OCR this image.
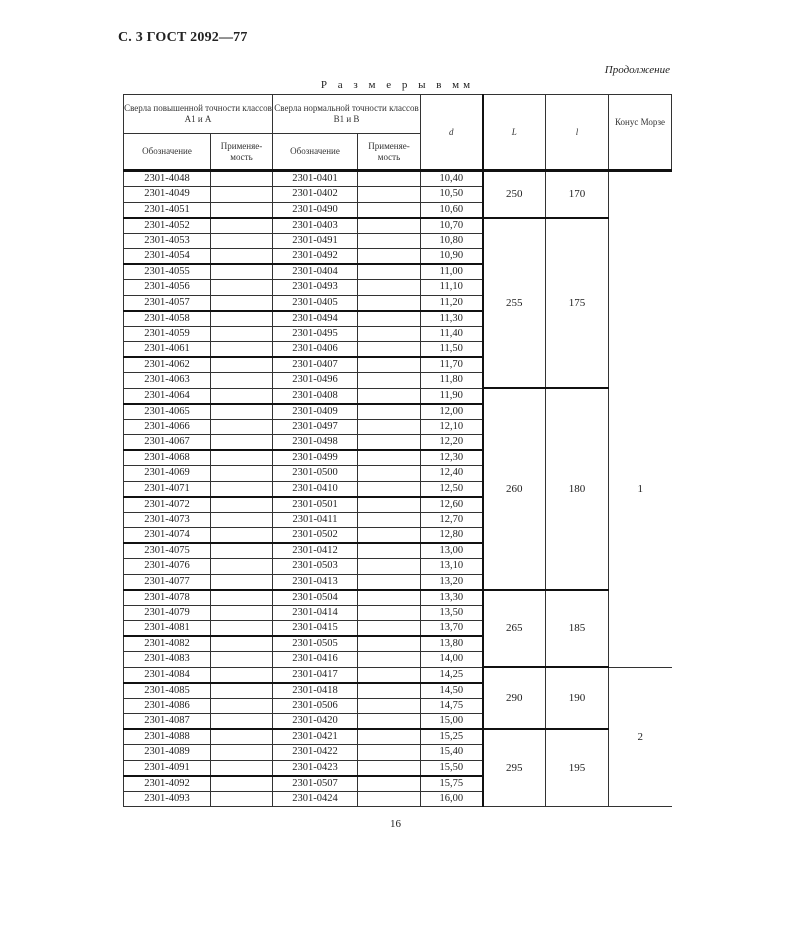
С. 3 ГОСТ 2092—77
Продолжение
Р а з м е р ы в мм
Сверла повышенной точности классов А1 и А		Сверла нормальной точности классов В1 и В		d	L	l	Конус Морзе
Обозначение	Применяе-мость	Обозначение	Применяе-мость				
2301-4048		2301-0401		10,40	250	170	1
2301-4049		2301-0402		10,50			
2301-4051		2301-0490		10,60			
2301-4052		2301-0403		10,70	255	175	
2301-4053		2301-0491		10,80			
2301-4054		2301-0492		10,90			
2301-4055		2301-0404		11,00			
2301-4056		2301-0493		11,10			
2301-4057		2301-0405		11,20			
2301-4058		2301-0494		11,30			
2301-4059		2301-0495		11,40			
2301-4061		2301-0406		11,50			
2301-4062		2301-0407		11,70			
2301-4063		2301-0496		11,80			
2301-4064		2301-0408		11,90	260	180	
2301-4065		2301-0409		12,00			
2301-4066		2301-0497		12,10			
2301-4067		2301-0498		12,20			
2301-4068		2301-0499		12,30			
2301-4069		2301-0500		12,40			
2301-4071		2301-0410		12,50			
2301-4072		2301-0501		12,60			
2301-4073		2301-0411		12,70			
2301-4074		2301-0502		12,80			
2301-4075		2301-0412		13,00			
2301-4076		2301-0503		13,10			
2301-4077		2301-0413		13,20			
2301-4078		2301-0504		13,30	265	185	
2301-4079		2301-0414		13,50			
2301-4081		2301-0415		13,70			
2301-4082		2301-0505		13,80			
2301-4083		2301-0416		14,00			
2301-4084		2301-0417		14,25	290	190	2
2301-4085		2301-0418		14,50			
2301-4086		2301-0506		14,75			
2301-4087		2301-0420		15,00			
2301-4088		2301-0421		15,25	295	195	
2301-4089		2301-0422		15,40			
2301-4091		2301-0423		15,50			
2301-4092		2301-0507		15,75			
2301-4093		2301-0424		16,00			
16
